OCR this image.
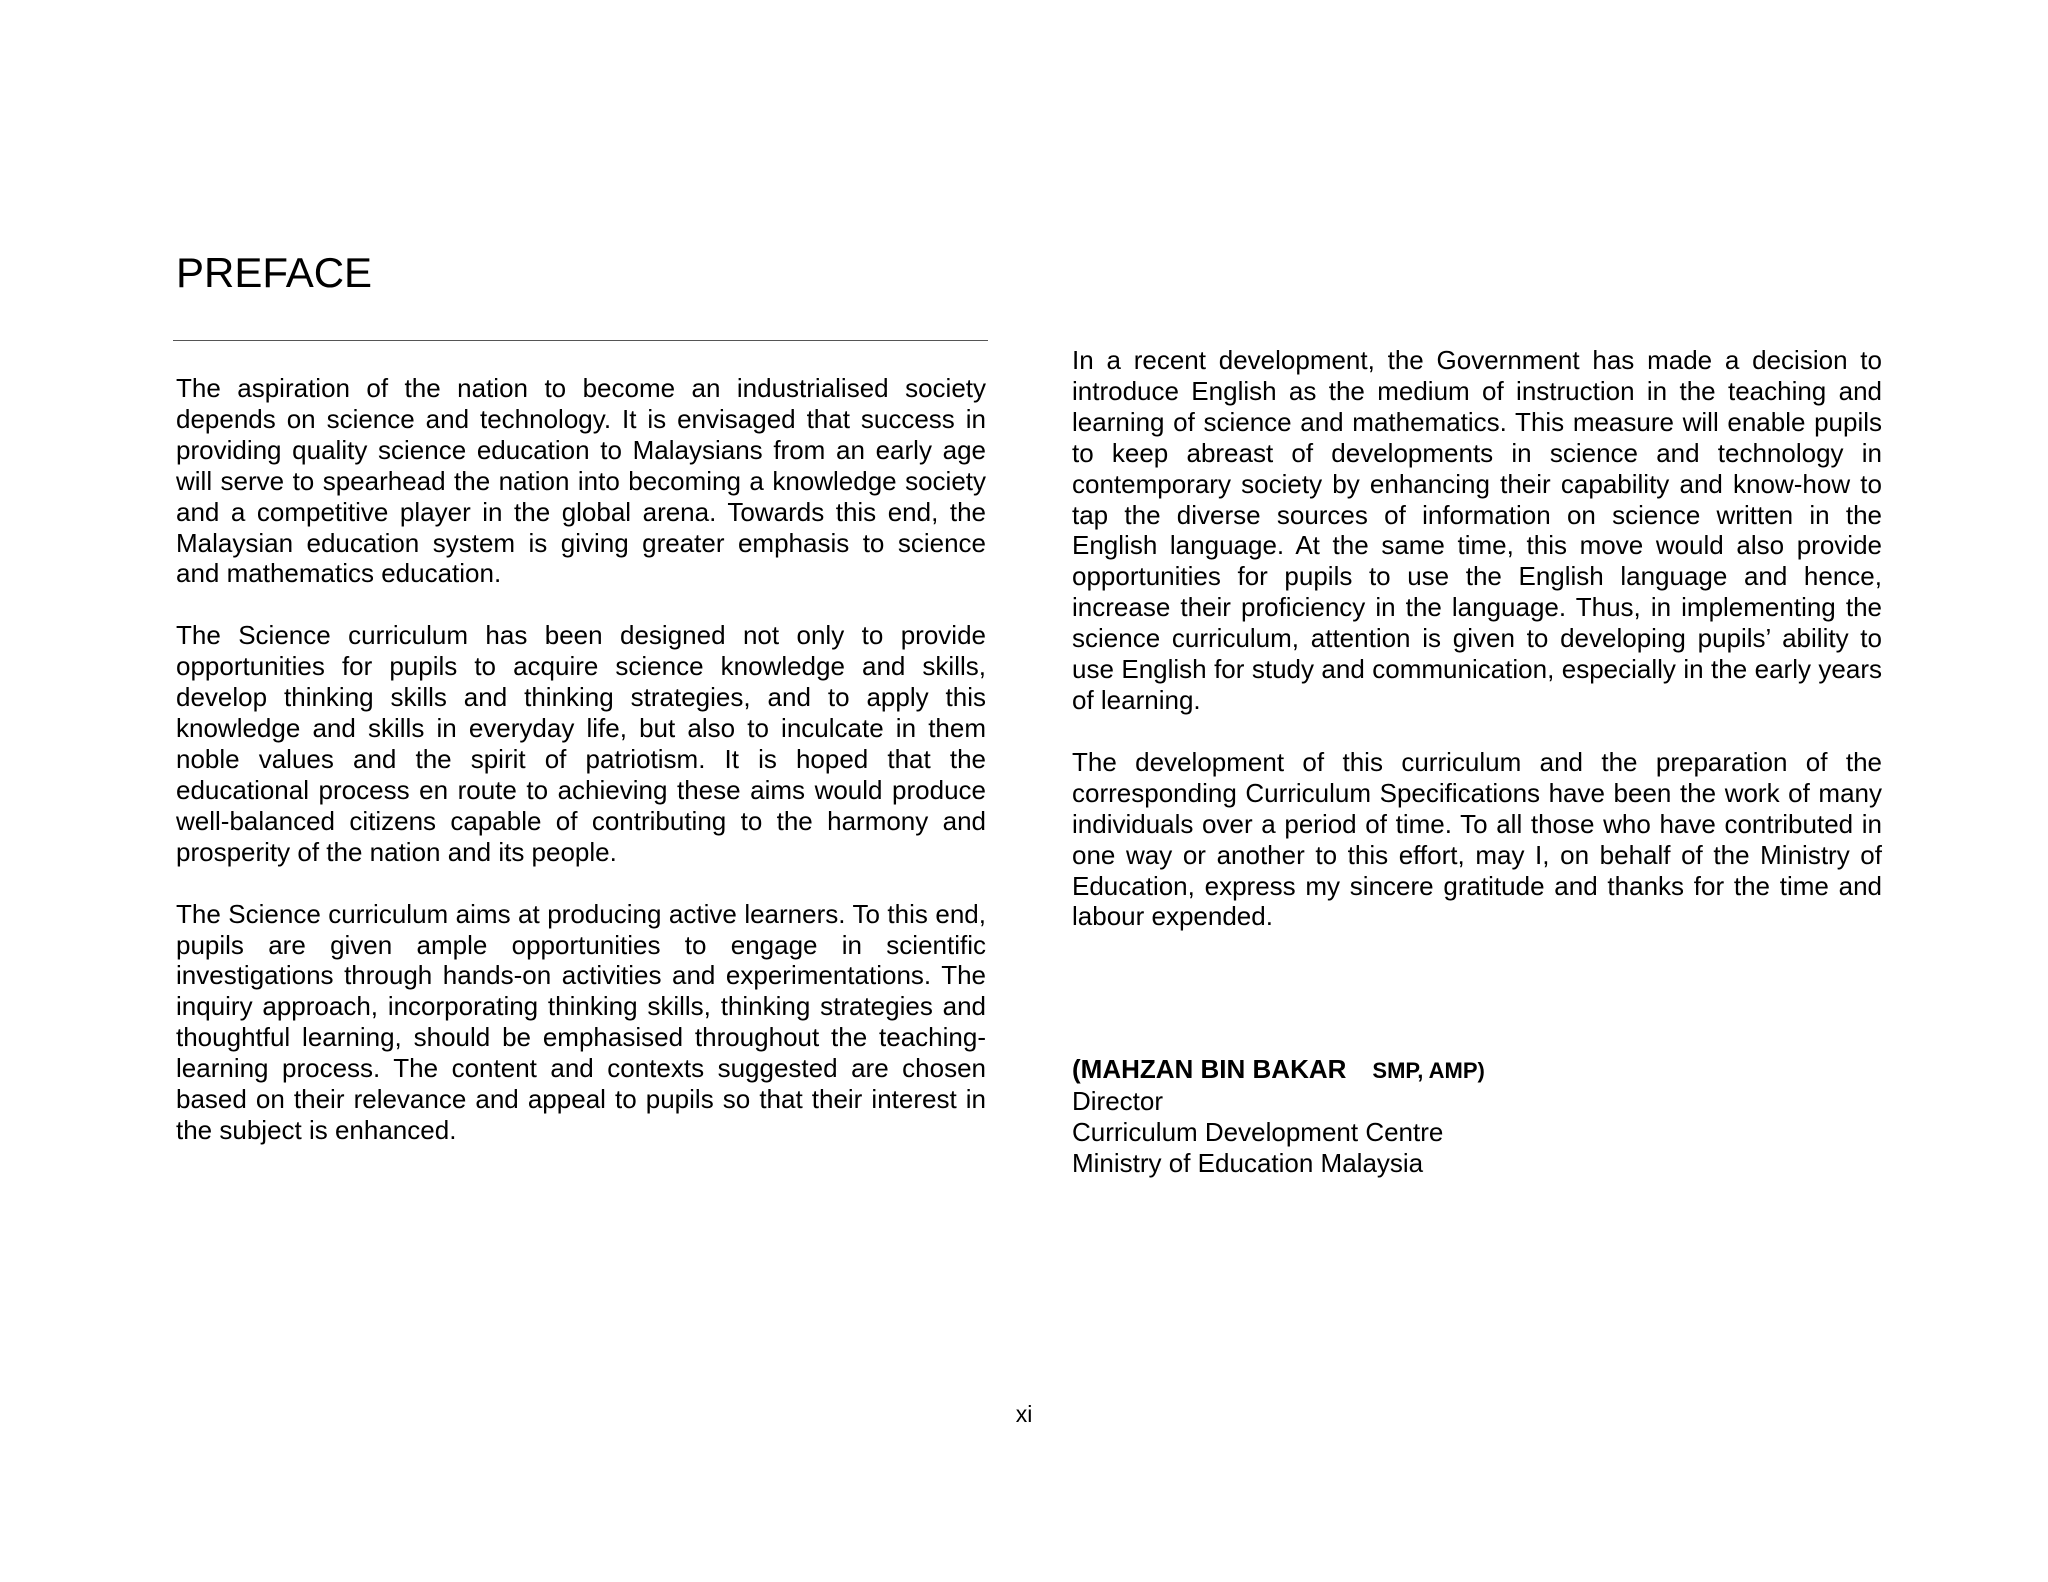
PREFACE

The aspiration of the nation to become an industrialised society depends on science and technology. It is envisaged that success in providing quality science education to Malaysians from an early age will serve to spearhead the nation into becoming a knowledge society and a competitive player in the global arena. Towards this end, the Malaysian education system is giving greater emphasis to science and mathematics education.

The Science curriculum has been designed not only to provide opportunities for pupils to acquire science knowledge and skills, develop thinking skills and thinking strategies, and to apply this knowledge and skills in everyday life, but also to inculcate in them noble values and the spirit of patriotism. It is hoped that the educational process en route to achieving these aims would produce well-balanced citizens capable of contributing to the harmony and prosperity of the nation and its people.

The Science curriculum aims at producing active learners. To this end, pupils are given ample opportunities to engage in scientific investigations through hands-on activities and experimentations. The inquiry approach, incorporating thinking skills, thinking strategies and thoughtful learning, should be emphasised throughout the teaching-learning process. The content and contexts suggested are chosen based on their relevance and appeal to pupils so that their interest in the subject is enhanced.

In a recent development, the Government has made a decision to introduce English as the medium of instruction in the teaching and learning of science and mathematics. This measure will enable pupils to keep abreast of developments in science and technology in contemporary society by enhancing their capability and know-how to tap the diverse sources of information on science written in the English language. At the same time, this move would also provide opportunities for pupils to use the English language and hence, increase their proficiency in the language. Thus, in implementing the science curriculum, attention is given to developing pupils’ ability to use English for study and communication, especially in the early years of learning.

The development of this curriculum and the preparation of the corresponding Curriculum Specifications have been the work of many individuals over a period of time. To all those who have contributed in one way or another to this effort, may I, on behalf of the Ministry of Education, express my sincere gratitude and thanks for the time and labour expended.

(MAHZAN BIN BAKAR SMP, AMP)
Director
Curriculum Development Centre
Ministry of Education Malaysia
xi
